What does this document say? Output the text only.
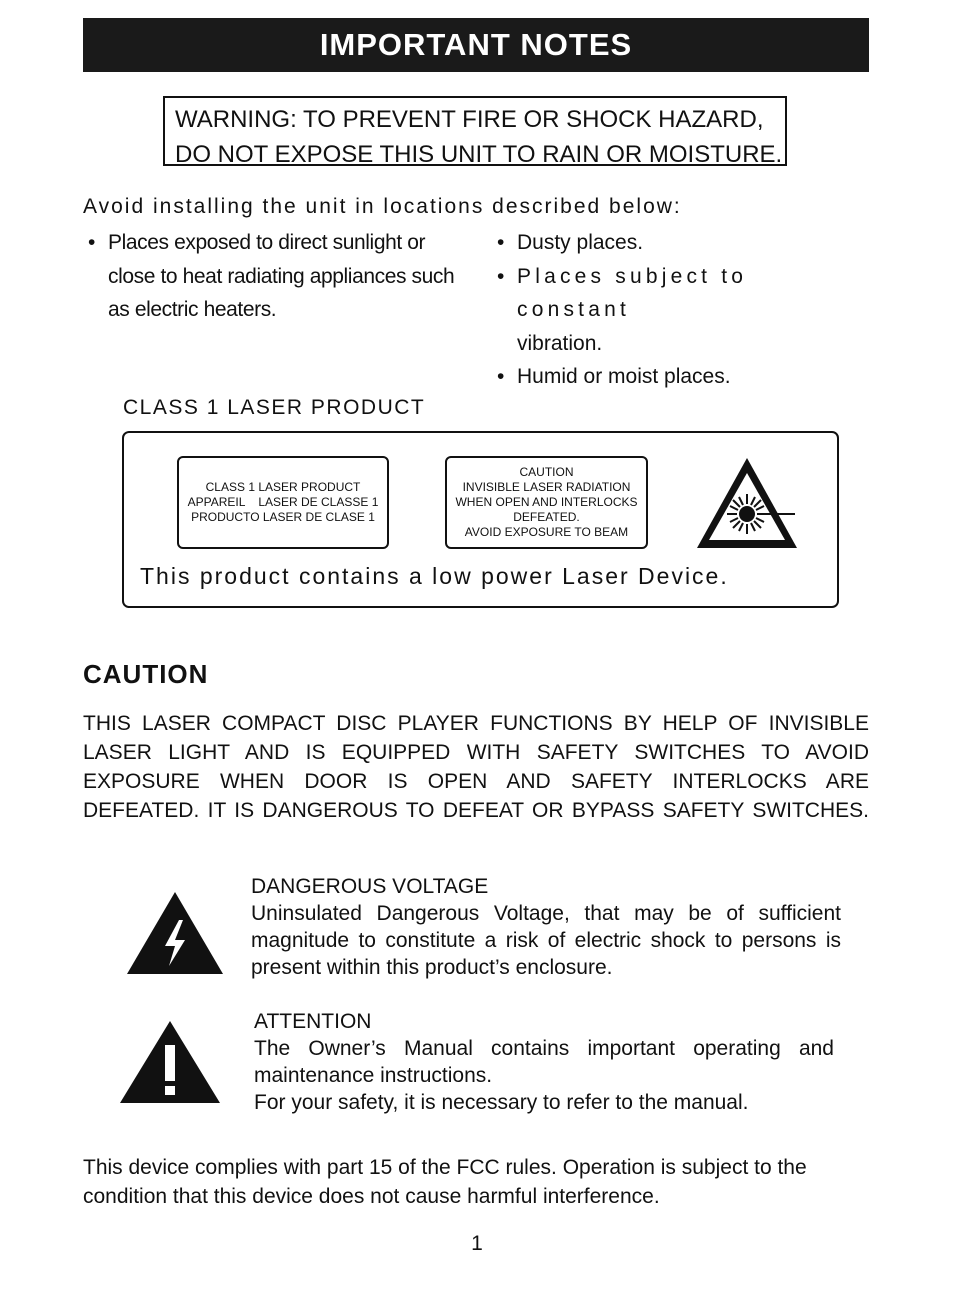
IMPORTANT NOTES
WARNING: TO PREVENT FIRE OR SHOCK HAZARD,
DO NOT EXPOSE THIS UNIT TO RAIN OR MOISTURE.
Avoid installing the unit in locations described below:
• Places exposed to direct sunlight or
close to heat radiating appliances such
as electric heaters.
• Dusty places.
• Places subject to constant
vibration.
• Humid or moist places.
CLASS 1 LASER PRODUCT
CLASS 1 LASER PRODUCT
APPAREIL    LASER DE CLASSE 1
PRODUCTO LASER DE CLASE 1
CAUTION
INVISIBLE LASER RADIATION
WHEN OPEN AND INTERLOCKS
DEFEATED.
AVOID EXPOSURE TO BEAM
This product contains a low power Laser Device.
CAUTION
THIS LASER COMPACT DISC PLAYER FUNCTIONS BY HELP OF INVISIBLE
LASER LIGHT AND IS EQUIPPED WITH SAFETY SWITCHES TO AVOID
EXPOSURE WHEN DOOR IS OPEN AND SAFETY INTERLOCKS ARE
DEFEATED. IT IS DANGEROUS TO DEFEAT OR BYPASS SAFETY SWITCHES.
DANGEROUS VOLTAGE
Uninsulated Dangerous Voltage, that may be of sufficient
magnitude to constitute a risk of electric shock to persons is
present within this product’s enclosure.
ATTENTION
The Owner’s Manual contains important operating and
maintenance instructions.
For your safety, it is necessary to refer to the manual.
This device complies with part 15 of the FCC rules. Operation is subject to the
condition that this device does not cause harmful interference.
1
